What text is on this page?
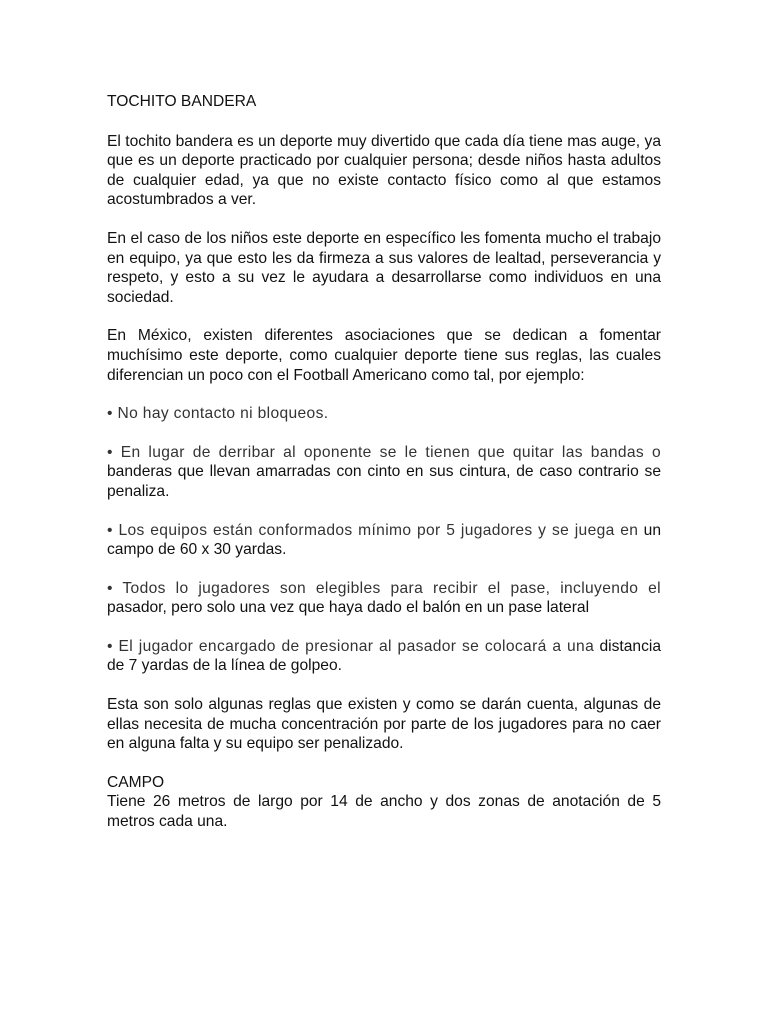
TOCHITO BANDERA

El tochito bandera es un deporte muy divertido que cada día tiene mas auge, ya que es un deporte practicado por cualquier persona; desde niños hasta adultos de cualquier edad, ya que no existe contacto físico como al que estamos acostumbrados a ver.

En el caso de los niños este deporte en específico les fomenta mucho el trabajo en equipo, ya que esto les da firmeza a sus valores de lealtad, perseverancia y respeto, y esto a su vez le ayudara a desarrollarse como individuos en una sociedad.

En México, existen diferentes asociaciones que se dedican a fomentar muchísimo este deporte, como cualquier deporte tiene sus reglas, las cuales diferencian un poco con el Football Americano como tal, por ejemplo:

• No hay contacto ni bloqueos.

• En lugar de derribar al oponente se le tienen que quitar las bandas o banderas que llevan amarradas con cinto en sus cintura, de caso contrario se penaliza.

• Los equipos están conformados mínimo por 5 jugadores y se juega en un campo de 60 x 30 yardas.

• Todos lo jugadores son elegibles para recibir el pase, incluyendo el pasador, pero solo una vez que haya dado el balón en un pase lateral

• El jugador encargado de presionar al pasador se colocará a una distancia de 7 yardas de la línea de golpeo.

Esta son solo algunas reglas que existen y como se darán cuenta, algunas de ellas necesita de mucha concentración por parte de los jugadores para no caer en alguna falta y su equipo ser penalizado.

CAMPO

Tiene 26 metros de largo por 14 de ancho y dos zonas de anotación de 5 metros cada una.
